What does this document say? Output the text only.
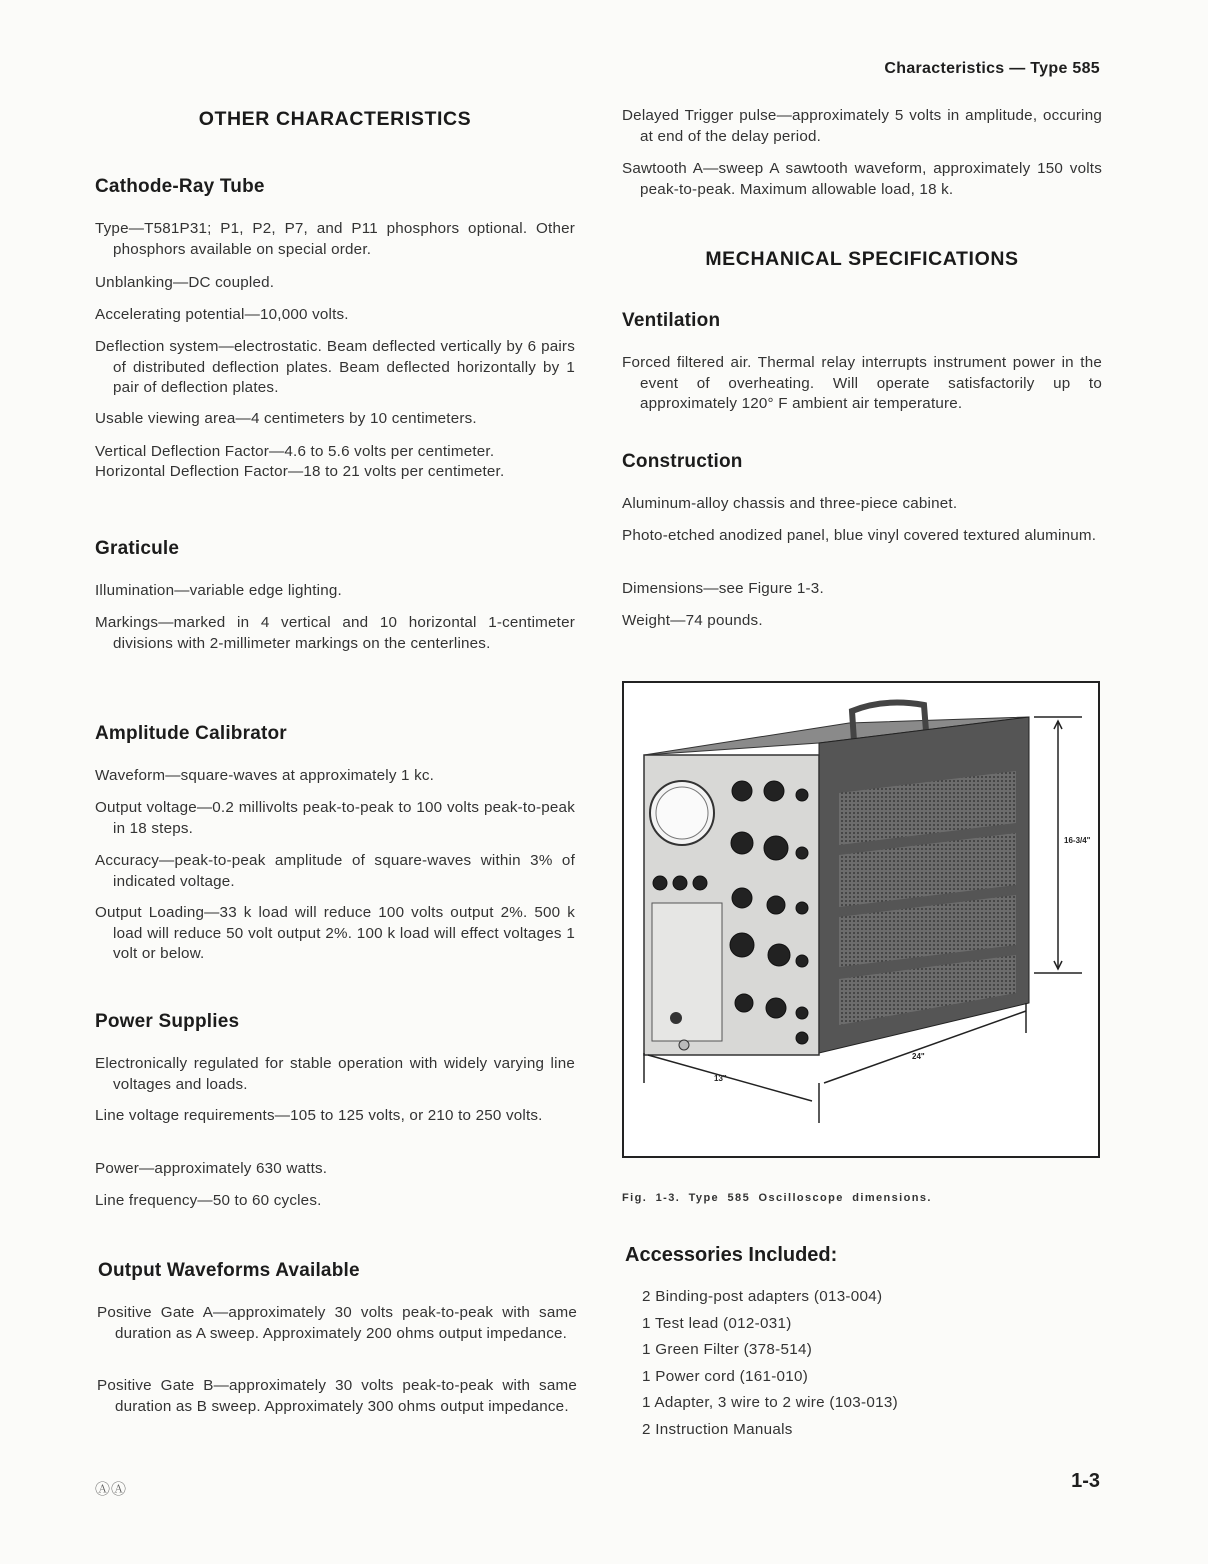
Characteristics — Type 585
OTHER CHARACTERISTICS
Cathode-Ray Tube
Type—T581P31; P1, P2, P7, and P11 phosphors optional. Other phosphors available on special order.
Unblanking—DC coupled.
Accelerating potential—10,000 volts.
Deflection system—electrostatic. Beam deflected vertically by 6 pairs of distributed deflection plates. Beam deflected horizontally by 1 pair of deflection plates.
Usable viewing area—4 centimeters by 10 centimeters.
Vertical Deflection Factor—4.6 to 5.6 volts per centimeter.
Horizontal Deflection Factor—18 to 21 volts per centimeter.
Graticule
Illumination—variable edge lighting.
Markings—marked in 4 vertical and 10 horizontal 1-centimeter divisions with 2-millimeter markings on the centerlines.
Amplitude Calibrator
Waveform—square-waves at approximately 1 kc.
Output voltage—0.2 millivolts peak-to-peak to 100 volts peak-to-peak in 18 steps.
Accuracy—peak-to-peak amplitude of square-waves within 3% of indicated voltage.
Output Loading—33 k load will reduce 100 volts output 2%. 500 k load will reduce 50 volt output 2%. 100 k load will effect voltages 1 volt or below.
Power Supplies
Electronically regulated for stable operation with widely varying line voltages and loads.
Line voltage requirements—105 to 125 volts, or 210 to 250 volts.
Power—approximately 630 watts.
Line frequency—50 to 60 cycles.
Output Waveforms Available
Positive Gate A—approximately 30 volts peak-to-peak with same duration as A sweep. Approximately 200 ohms output impedance.
Positive Gate B—approximately 30 volts peak-to-peak with same duration as B sweep. Approximately 300 ohms output impedance.
Delayed Trigger pulse—approximately 5 volts in amplitude, occuring at end of the delay period.
Sawtooth A—sweep A sawtooth waveform, approximately 150 volts peak-to-peak. Maximum allowable load, 18 k.
MECHANICAL SPECIFICATIONS
Ventilation
Forced filtered air. Thermal relay interrupts instrument power in the event of overheating. Will operate satisfactorily up to approximately 120° F ambient air temperature.
Construction
Aluminum-alloy chassis and three-piece cabinet.
Photo-etched anodized panel, blue vinyl covered textured aluminum.
Dimensions—see Figure 1-3.
Weight—74 pounds.
16-3/4"
24"
13"
Fig. 1-3. Type 585 Oscilloscope dimensions.
Accessories Included:
2 Binding-post adapters (013-004)
1 Test lead (012-031)
1 Green Filter (378-514)
1 Power cord (161-010)
1 Adapter, 3 wire to 2 wire (103-013)
2 Instruction Manuals
ⒶⒶ	1-3
